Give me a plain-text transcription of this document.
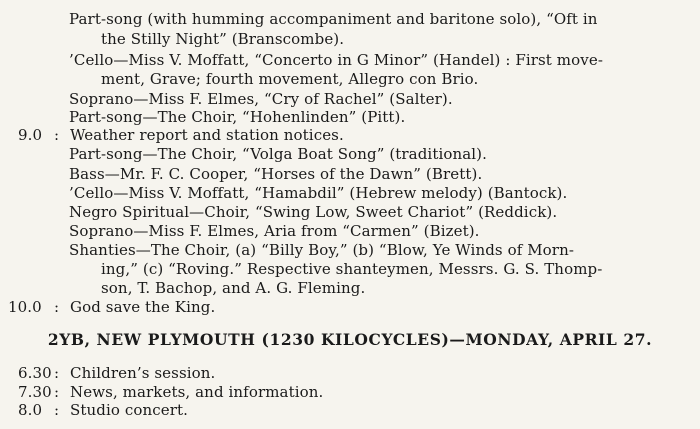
Part-song (with humming accompaniment and baritone solo), “Oft in
the Stilly Night” (Branscombe).
’Cello—Miss V. Moffatt, “Concerto in G Minor” (Handel) : First move-
ment, Grave; fourth movement, Allegro con Brio.
Soprano—Miss F. Elmes, “Cry of Rachel” (Salter).
Part-song—The Choir, “Hohenlinden” (Pitt).
9.0 : Weather report and station notices.
Part-song—The Choir, “Volga Boat Song” (traditional).
Bass—Mr. F. C. Cooper, “Horses of the Dawn” (Brett).
’Cello—Miss V. Moffatt, “Hamabdil” (Hebrew melody) (Bantock).
Negro Spiritual—Choir, “Swing Low, Sweet Chariot” (Reddick).
Soprano—Miss F. Elmes, Aria from “Carmen” (Bizet).
Shanties—The Choir, (a) “Billy Boy,” (b) “Blow, Ye Winds of Morn-
ing,” (c) “Roving.” Respective shanteymen, Messrs. G. S. Thomp-
son, T. Bachop, and A. G. Fleming.
10.0 : God save the King.
2YB, NEW PLYMOUTH (1230 KILOCYCLES)—MONDAY, APRIL 27.
6.30 : Children’s session.
7.30 : News, markets, and information.
8.0 : Studio concert.
